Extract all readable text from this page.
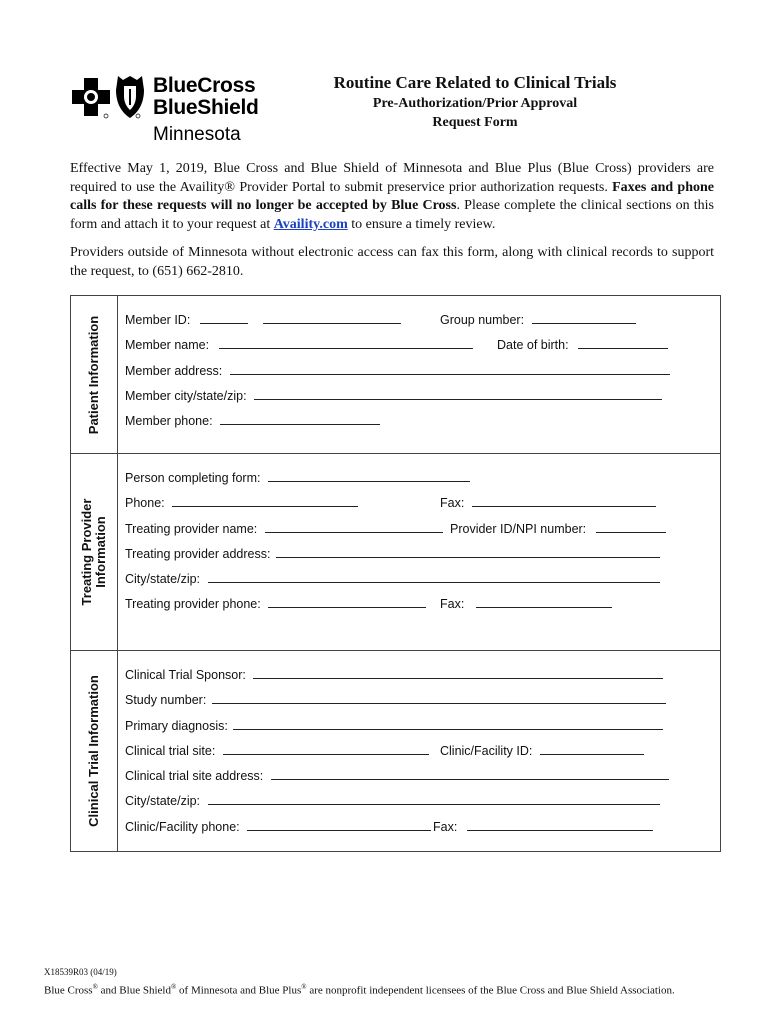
BlueCross
BlueShield
Minnesota
Routine Care Related to Clinical Trials
Pre-Authorization/Prior Approval
Request Form
Effective May 1, 2019, Blue Cross and Blue Shield of Minnesota and Blue Plus (Blue Cross) providers are required to use the Availity® Provider Portal to submit preservice prior authorization requests. Faxes and phone calls for these requests will no longer be accepted by Blue Cross. Please complete the clinical sections on this form and attach it to your request at Availity.com to ensure a timely review.
Providers outside of Minnesota without electronic access can fax this form, along with clinical records to support the request, to (651) 662-2810.
Patient Information Member ID:	Group number:
Member name:	Date of birth:
Member address:
Member city/state/zip:
Member phone:
Treating Provider Information
Person completing form:
Phone:	Fax:
Treating provider name:	Provider ID/NPI number:
Treating provider address:
City/state/zip:
Treating provider phone:	Fax:
Clinical Trial Information
Clinical Trial Sponsor:
Study number:
Primary diagnosis:
Clinical trial site:	Clinic/Facility ID:
Clinical trial site address:
City/state/zip:
Clinic/Facility phone:	Fax:
X18539R03 (04/19)
Blue Cross® and Blue Shield® of Minnesota and Blue Plus® are nonprofit independent licensees of the Blue Cross and Blue Shield Association.
